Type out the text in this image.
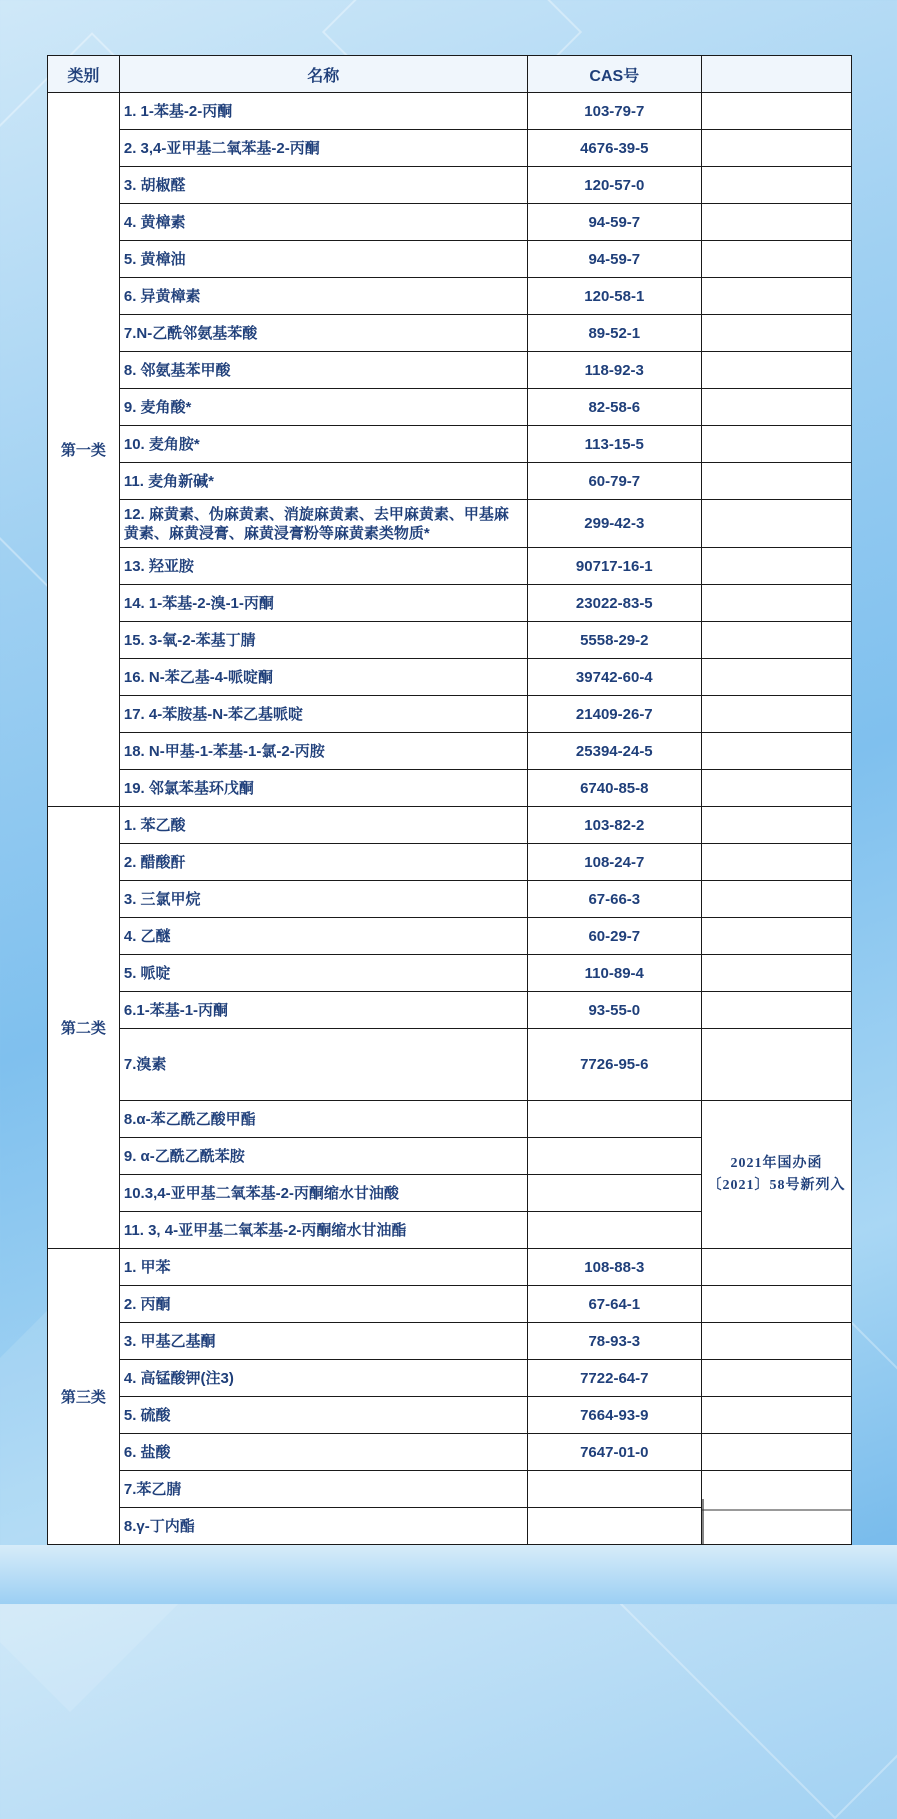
类别	名称	CAS号	
第一类	1. 1-苯基-2-丙酮	103-79-7	
	2. 3,4-亚甲基二氧苯基-2-丙酮	4676-39-5	
	3. 胡椒醛	120-57-0	
	4. 黄樟素	94-59-7	
	5. 黄樟油	94-59-7	
	6. 异黄樟素	120-58-1	
	7.N-乙酰邻氨基苯酸	89-52-1	
	8. 邻氨基苯甲酸	118-92-3	
	9. 麦角酸*	82-58-6	
	10. 麦角胺*	113-15-5	
	11. 麦角新碱*	60-79-7	
	12. 麻黄素、伪麻黄素、消旋麻黄素、去甲麻黄素、甲基麻黄素、麻黄浸膏、麻黄浸膏粉等麻黄素类物质*	299-42-3	
	13. 羟亚胺	90717-16-1	
	14. 1-苯基-2-溴-1-丙酮	23022-83-5	
	15. 3-氧-2-苯基丁腈	5558-29-2	
	16. N-苯乙基-4-哌啶酮	39742-60-4	
	17. 4-苯胺基-N-苯乙基哌啶	21409-26-7	
	18. N-甲基-1-苯基-1-氯-2-丙胺	25394-24-5	
	19. 邻氯苯基环戊酮	6740-85-8	
第二类	1. 苯乙酸	103-82-2	
	2. 醋酸酐	108-24-7	
	3. 三氯甲烷	67-66-3	
	4. 乙醚	60-29-7	
	5. 哌啶	110-89-4	
	6.1-苯基-1-丙酮	93-55-0	
	7.溴素	7726-95-6	
	8.α-苯乙酰乙酸甲酯		2021年国办函〔2021〕58号新列入
	9. α-乙酰乙酰苯胺		
	10.3,4-亚甲基二氧苯基-2-丙酮缩水甘油酸		
	11. 3, 4-亚甲基二氧苯基-2-丙酮缩水甘油酯		
第三类	1. 甲苯	108-88-3	
	2. 丙酮	67-64-1	
	3. 甲基乙基酮	78-93-3	
	4. 高锰酸钾(注3)	7722-64-7	
	5. 硫酸	7664-93-9	
	6. 盐酸	7647-01-0	
	7.苯乙腈		

	8.γ-丁内酯		
